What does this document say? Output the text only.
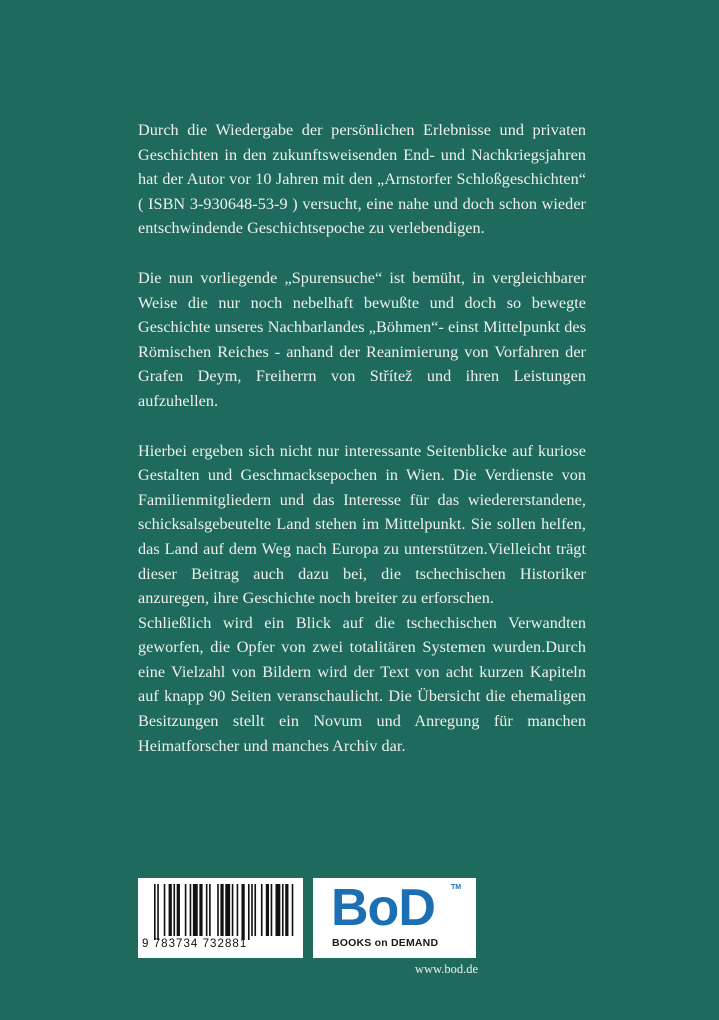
Durch die Wiedergabe der persönlichen Erlebnisse und privaten Geschichten in den zukunftsweisenden End- und Nachkriegsjahren hat der Autor vor 10 Jahren mit den „Arnstorfer Schloßgeschichten“ ( ISBN 3-930648-53-9 ) versucht, eine nahe und doch schon wieder entschwindende Geschichtsepoche zu verlebendigen.

Die nun vorliegende „Spurensuche“ ist bemüht, in vergleichbarer Weise die nur noch nebelhaft bewußte und doch so bewegte Geschichte unseres Nachbarlandes „Böhmen“- einst Mittelpunkt des Römischen Reiches - anhand der Reanimierung von Vorfahren der Grafen Deym, Freiherrn von Střítež und ihren Leistungen aufzuhellen.

Hierbei ergeben sich nicht nur interessante Seitenblicke auf kuriose Gestalten und Geschmacksepochen in Wien. Die Verdienste von Familienmitgliedern und das Interesse für das wiedererstandene, schicksalsgebeutelte Land stehen im Mittelpunkt. Sie sollen helfen, das Land auf dem Weg nach Europa zu unterstützen.Vielleicht trägt dieser Beitrag auch dazu bei, die tschechischen Historiker anzuregen, ihre Geschichte noch breiter zu erforschen.

Schließlich wird ein Blick auf die tschechischen Verwandten geworfen, die Opfer von zwei totalitären Systemen wurden.Durch eine Vielzahl von Bildern wird der Text von acht kurzen Kapiteln auf knapp 90 Seiten veranschaulicht. Die Übersicht die ehemaligen Besitzungen stellt ein Novum und Anregung für manchen Heimatforscher und manches Archiv dar.

9 783734 732881
BoD TM
BOOKS on DEMAND
www.bod.de
